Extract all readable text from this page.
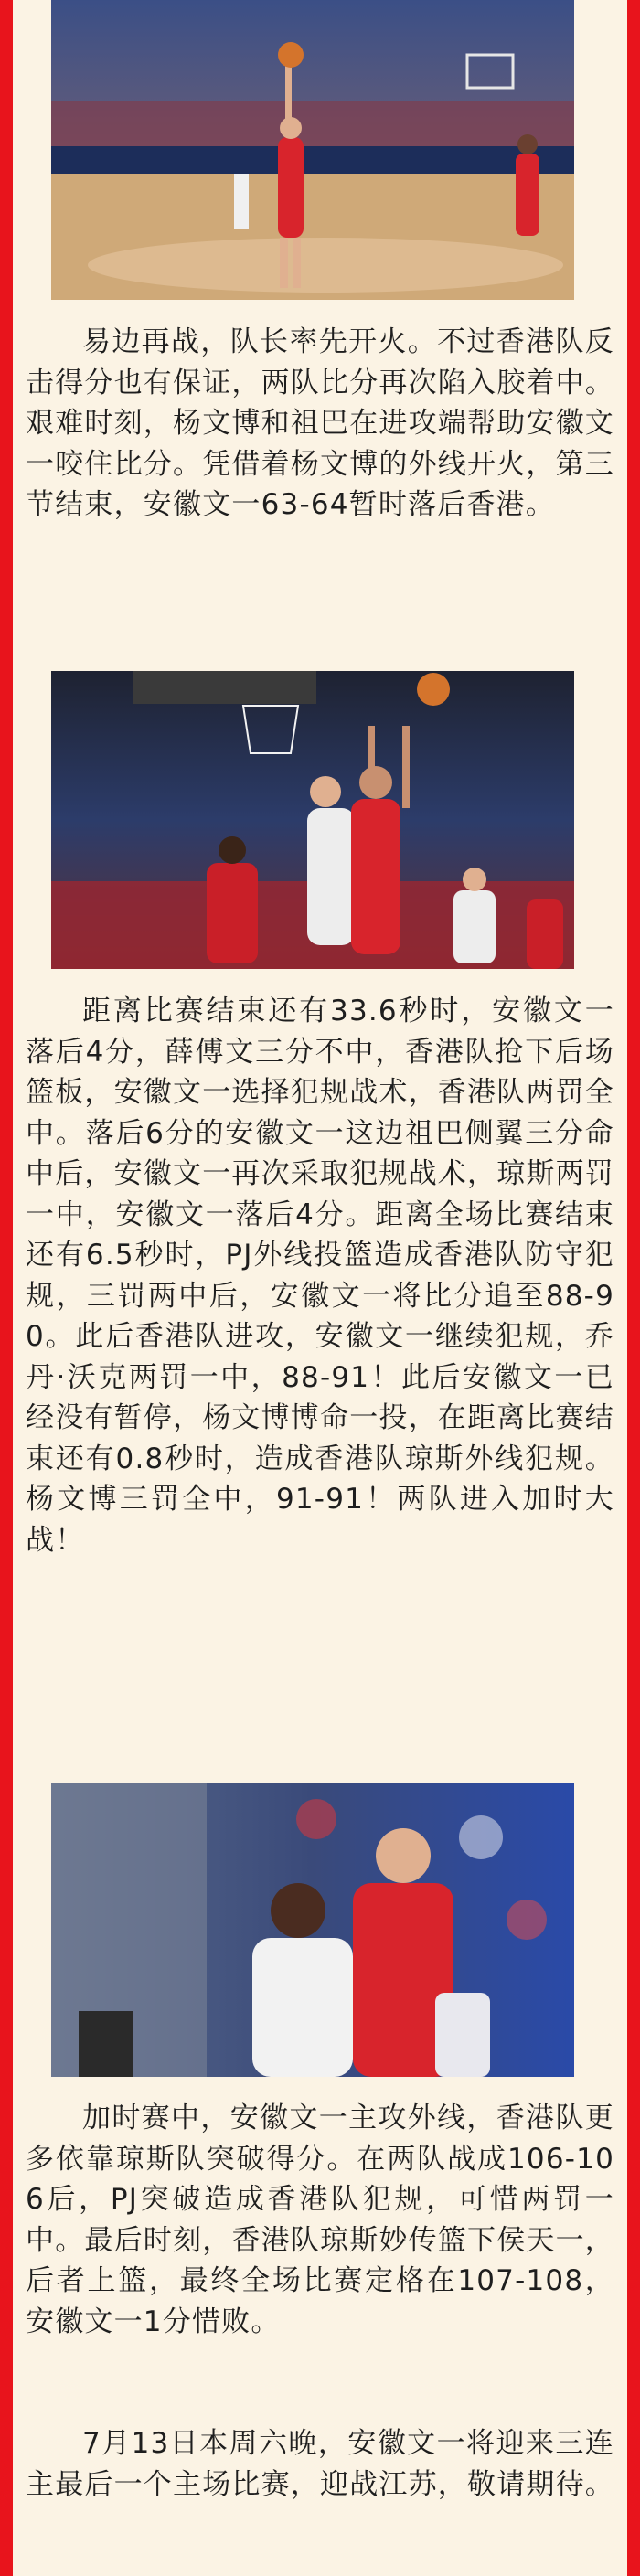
易边再战，队长率先开火。不过香港队反击得分也有保证，两队比分再次陷入胶着中。艰难时刻，杨文博和祖巴在进攻端帮助安徽文一咬住比分。凭借着杨文博的外线开火，第三节结束，安徽文一63-64暂时落后香港。

距离比赛结束还有33.6秒时，安徽文一落后4分，薛傅文三分不中，香港队抢下后场篮板，安徽文一选择犯规战术，香港队两罚全中。落后6分的安徽文一这边祖巴侧翼三分命中后，安徽文一再次采取犯规战术，琼斯两罚一中，安徽文一落后4分。距离全场比赛结束还有6.5秒时，PJ外线投篮造成香港队防守犯规，三罚两中后，安徽文一将比分追至88-90。此后香港队进攻，安徽文一继续犯规，乔丹·沃克两罚一中，88-91！此后安徽文一已经没有暂停，杨文博博命一投，在距离比赛结束还有0.8秒时，造成香港队琼斯外线犯规。杨文博三罚全中，91-91！两队进入加时大战！

加时赛中，安徽文一主攻外线，香港队更多依靠琼斯队突破得分。在两队战成106-106后，PJ突破造成香港队犯规，可惜两罚一中。最后时刻，香港队琼斯妙传篮下侯天一，后者上篮，最终全场比赛定格在107-108，安徽文一1分惜败。

7月13日本周六晚，安徽文一将迎来三连主最后一个主场比赛，迎战江苏，敬请期待。
